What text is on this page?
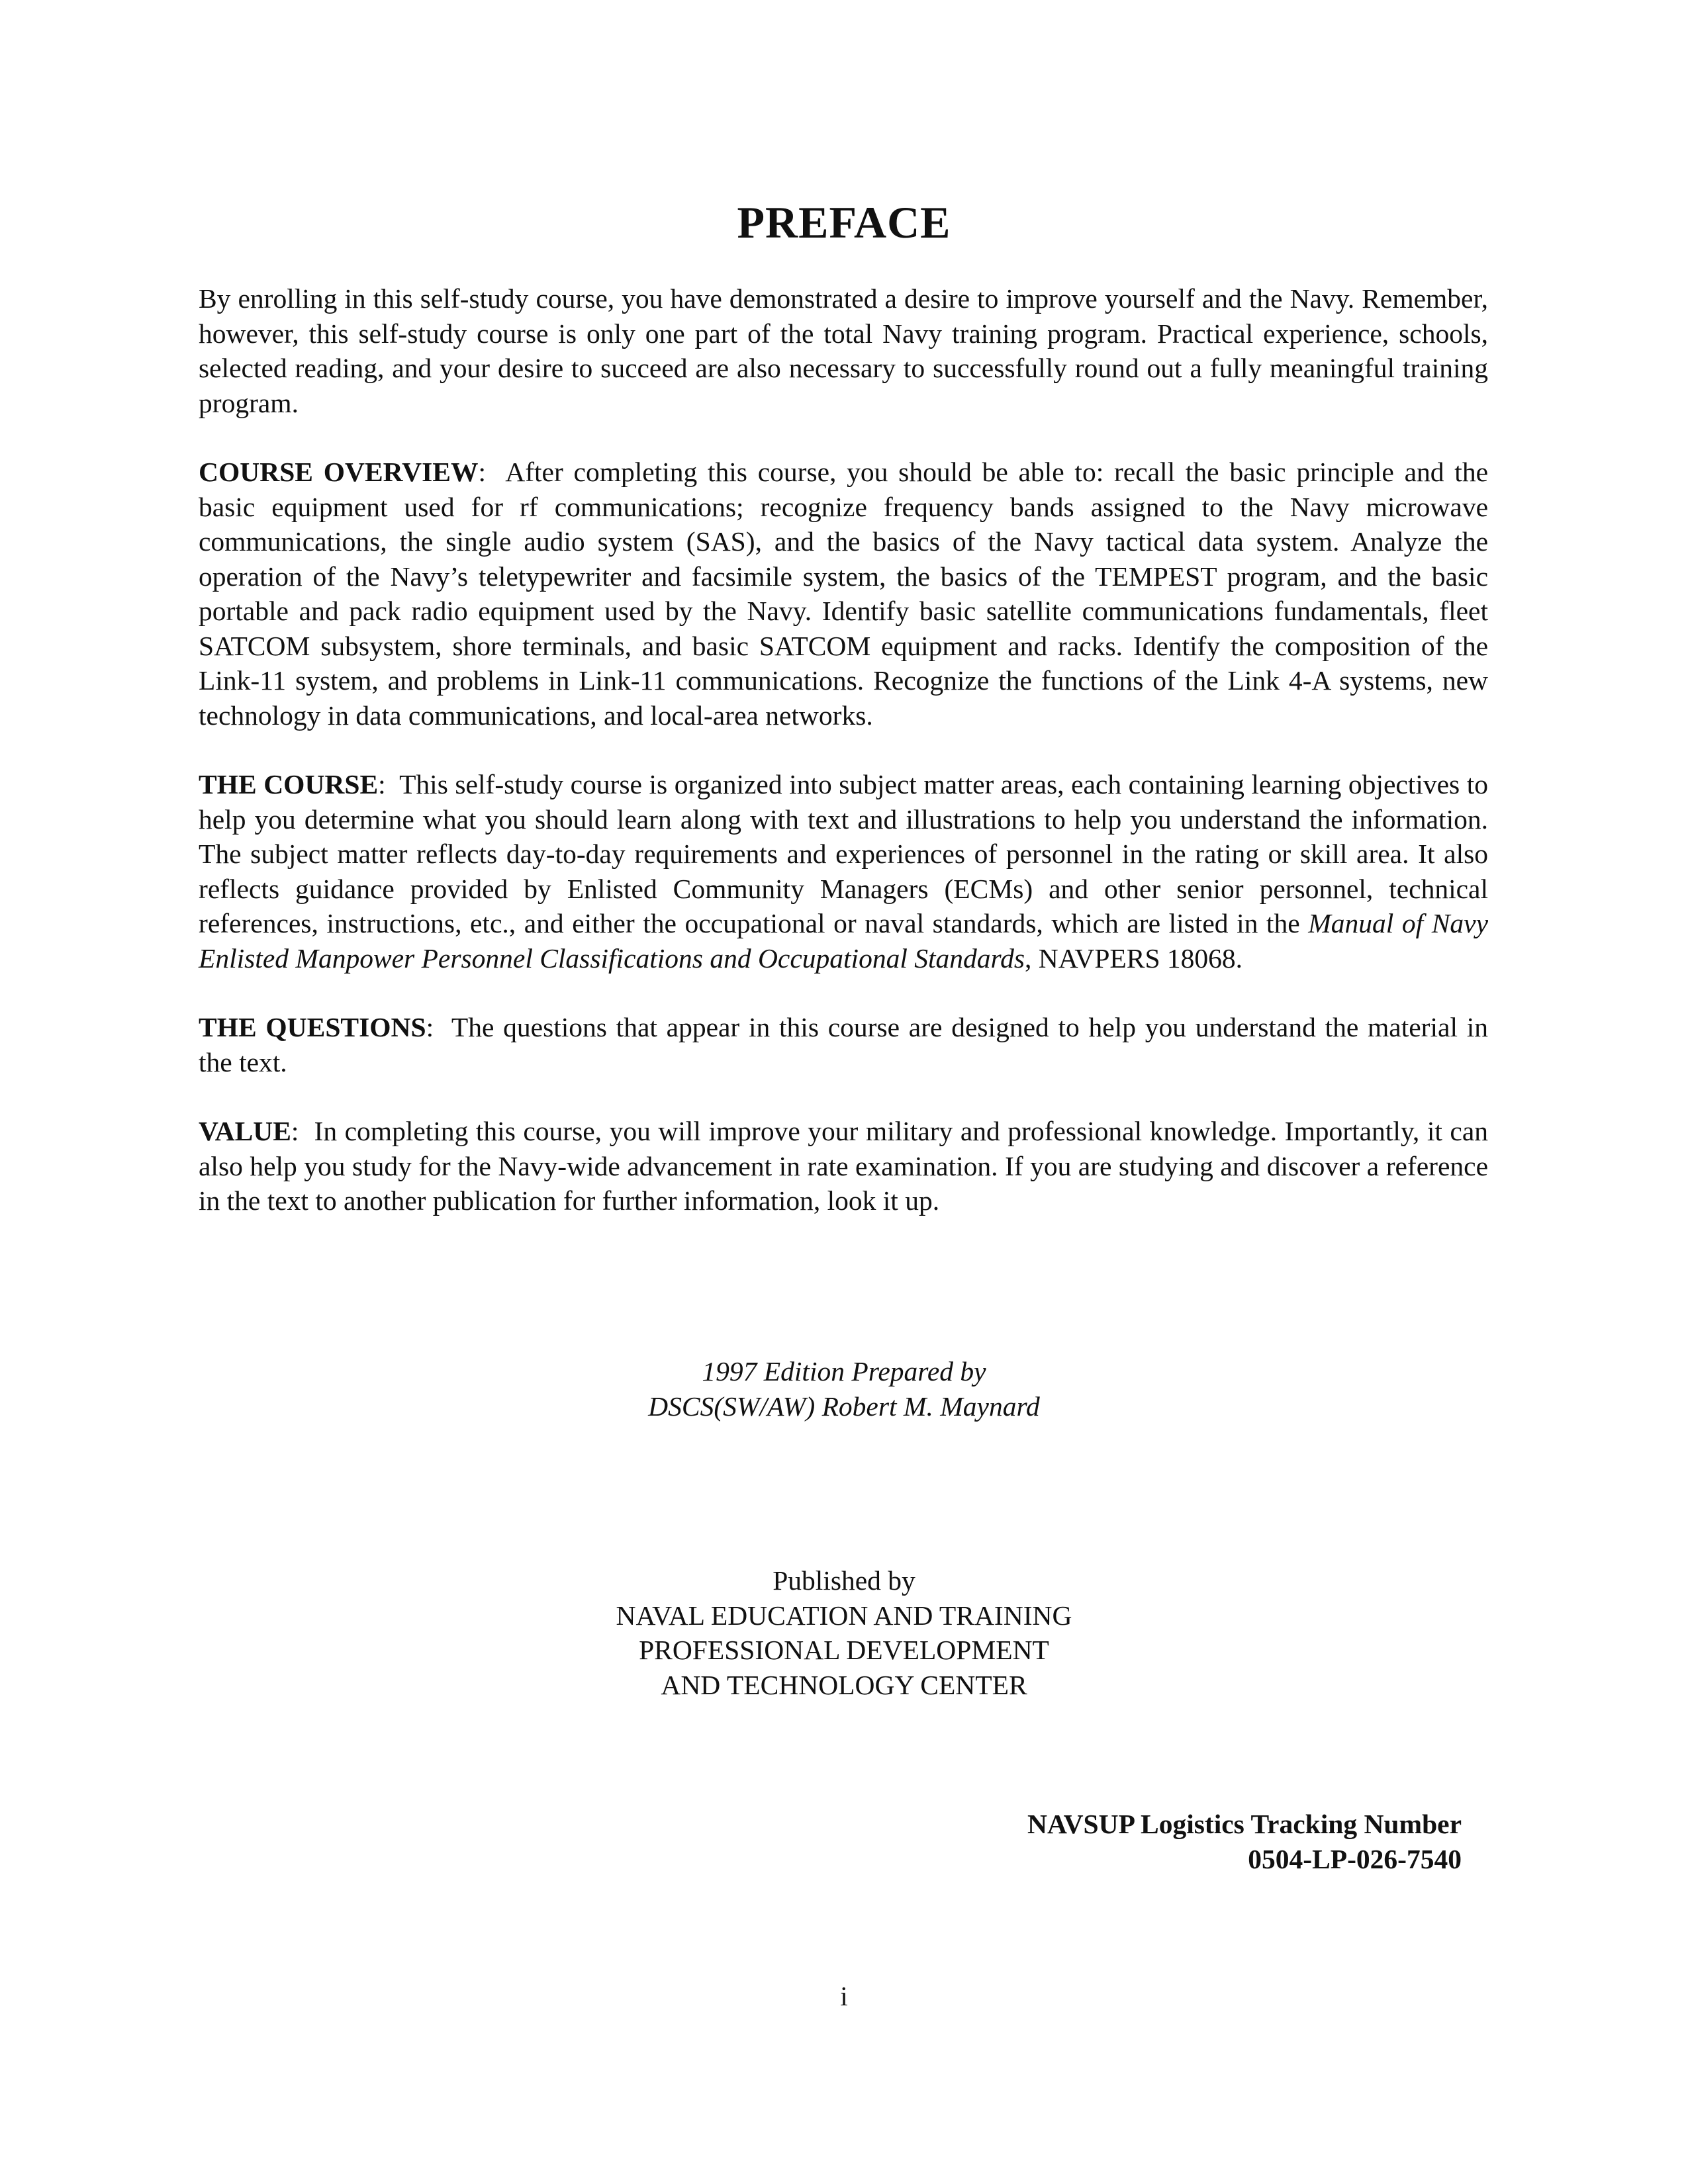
PREFACE

By enrolling in this self-study course, you have demonstrated a desire to improve yourself and the Navy. Remember, however, this self-study course is only one part of the total Navy training program. Practical experience, schools, selected reading, and your desire to succeed are also necessary to successfully round out a fully meaningful training program.

COURSE OVERVIEW:  After completing this course, you should be able to: recall the basic principle and the basic equipment used for rf communications; recognize frequency bands assigned to the Navy microwave communications, the single audio system (SAS), and the basics of the Navy tactical data system. Analyze the operation of the Navy’s teletypewriter and facsimile system, the basics of the TEMPEST program, and the basic portable and pack radio equipment used by the Navy. Identify basic satellite communications fundamentals, fleet SATCOM subsystem, shore terminals, and basic SATCOM equipment and racks. Identify the composition of the Link-11 system, and problems in Link-11 communications. Recognize the functions of the Link 4-A systems, new technology in data communications, and local-area networks.

THE COURSE:  This self-study course is organized into subject matter areas, each containing learning objectives to help you determine what you should learn along with text and illustrations to help you understand the information. The subject matter reflects day-to-day requirements and experiences of personnel in the rating or skill area. It also reflects guidance provided by Enlisted Community Managers (ECMs) and other senior personnel, technical references, instructions, etc., and either the occupational or naval standards, which are listed in the Manual of Navy Enlisted Manpower Personnel Classifications and Occupational Standards, NAVPERS 18068.

THE QUESTIONS:  The questions that appear in this course are designed to help you understand the material in the text.

VALUE:  In completing this course, you will improve your military and professional knowledge. Importantly, it can also help you study for the Navy-wide advancement in rate examination. If you are studying and discover a reference in the text to another publication for further information, look it up.

1997 Edition Prepared by
DSCS(SW/AW) Robert M. Maynard
Published by
NAVAL EDUCATION AND TRAINING
PROFESSIONAL DEVELOPMENT
AND TECHNOLOGY CENTER
NAVSUP Logistics Tracking Number
0504-LP-026-7540
i
